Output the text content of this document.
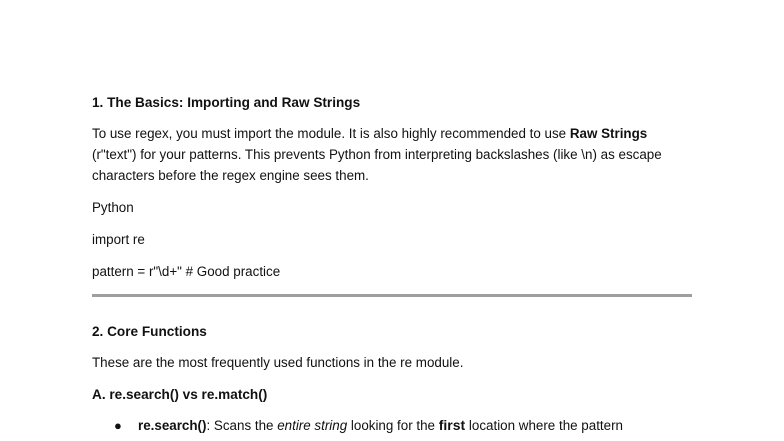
1. The Basics: Importing and Raw Strings

To use regex, you must import the module. It is also highly recommended to use Raw Strings (r"text") for your patterns. This prevents Python from interpreting backslashes (like \n) as escape characters before the regex engine sees them.

Python

import re

pattern = r"\d+" # Good practice

2. Core Functions

These are the most frequently used functions in the re module.

A. re.search() vs re.match()
● re.search(): Scans the entire string looking for the first location where the pattern
